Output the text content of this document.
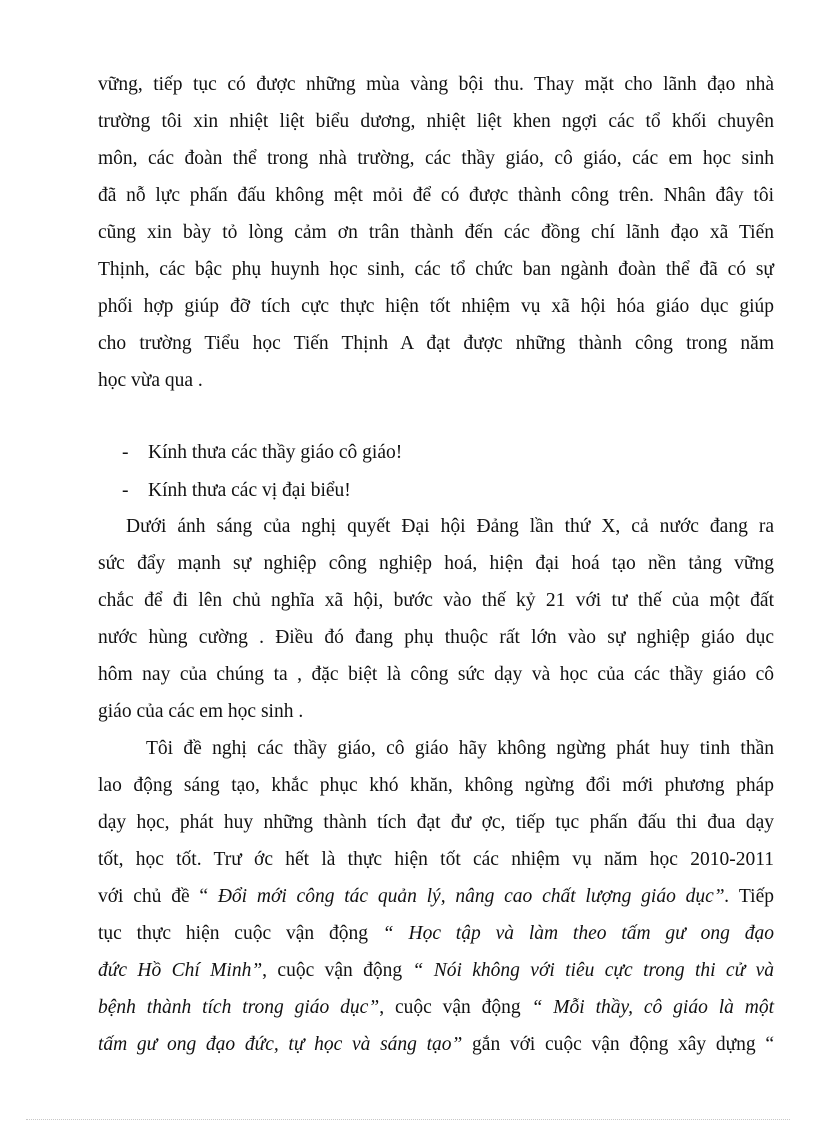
vững, tiếp tục có được những mùa vàng bội thu. Thay mặt cho lãnh đạo nhà
trường tôi xin nhiệt liệt biểu dương, nhiệt liệt khen ngợi các tổ khối chuyên
môn, các đoàn thể trong nhà trường, các thầy giáo, cô giáo, các em học sinh
đã nỗ lực phấn đấu không mệt mỏi để có được thành công trên. Nhân đây tôi
cũng xin bày tỏ lòng cảm ơn trân thành đến các đồng chí lãnh đạo xã Tiến
Thịnh, các bậc phụ huynh học sinh, các tổ chức ban ngành đoàn thể đã có sự
phối hợp giúp đỡ tích cực thực hiện tốt nhiệm vụ xã hội hóa giáo dục giúp
cho trường Tiểu học Tiến Thịnh A đạt được những thành công trong năm
học vừa qua .
- Kính thưa các thầy giáo cô giáo!
- Kính thưa các vị đại biểu!
Dưới ánh sáng của nghị quyết Đại hội Đảng lần thứ X, cả nước đang ra
sức đẩy mạnh sự nghiệp công nghiệp hoá, hiện đại hoá tạo nền tảng vững
chắc để đi lên chủ nghĩa xã hội, bước vào thế kỷ 21 với tư thế của một đất
nước hùng cường . Điều đó đang phụ thuộc rất lớn vào sự nghiệp giáo dục
hôm nay của chúng ta , đặc biệt là công sức dạy và học của các thầy giáo cô
giáo của các em học sinh .
Tôi đề nghị các thầy giáo, cô giáo hãy không ngừng phát huy tinh thần
lao động sáng tạo, khắc phục khó khăn, không ngừng đổi mới phương pháp
dạy học, phát huy những thành tích đạt đư ợc, tiếp tục phấn đấu thi đua dạy
tốt, học tốt. Trư ớc hết là thực hiện tốt các nhiệm vụ năm học 2010-2011
với chủ đề “ Đổi mới công tác quản lý, nâng cao chất lượng giáo dục”. Tiếp
tục thực hiện cuộc vận động “ Học tập và làm theo tấm gư ong đạo
đức Hồ Chí Minh”, cuộc vận động “ Nói không với tiêu cực trong thi cử và
bệnh thành tích trong giáo dục”, cuộc vận động “ Mỗi thầy, cô giáo là một
tấm gư ong đạo đức, tự học và sáng tạo” gắn với cuộc vận động xây dựng “
